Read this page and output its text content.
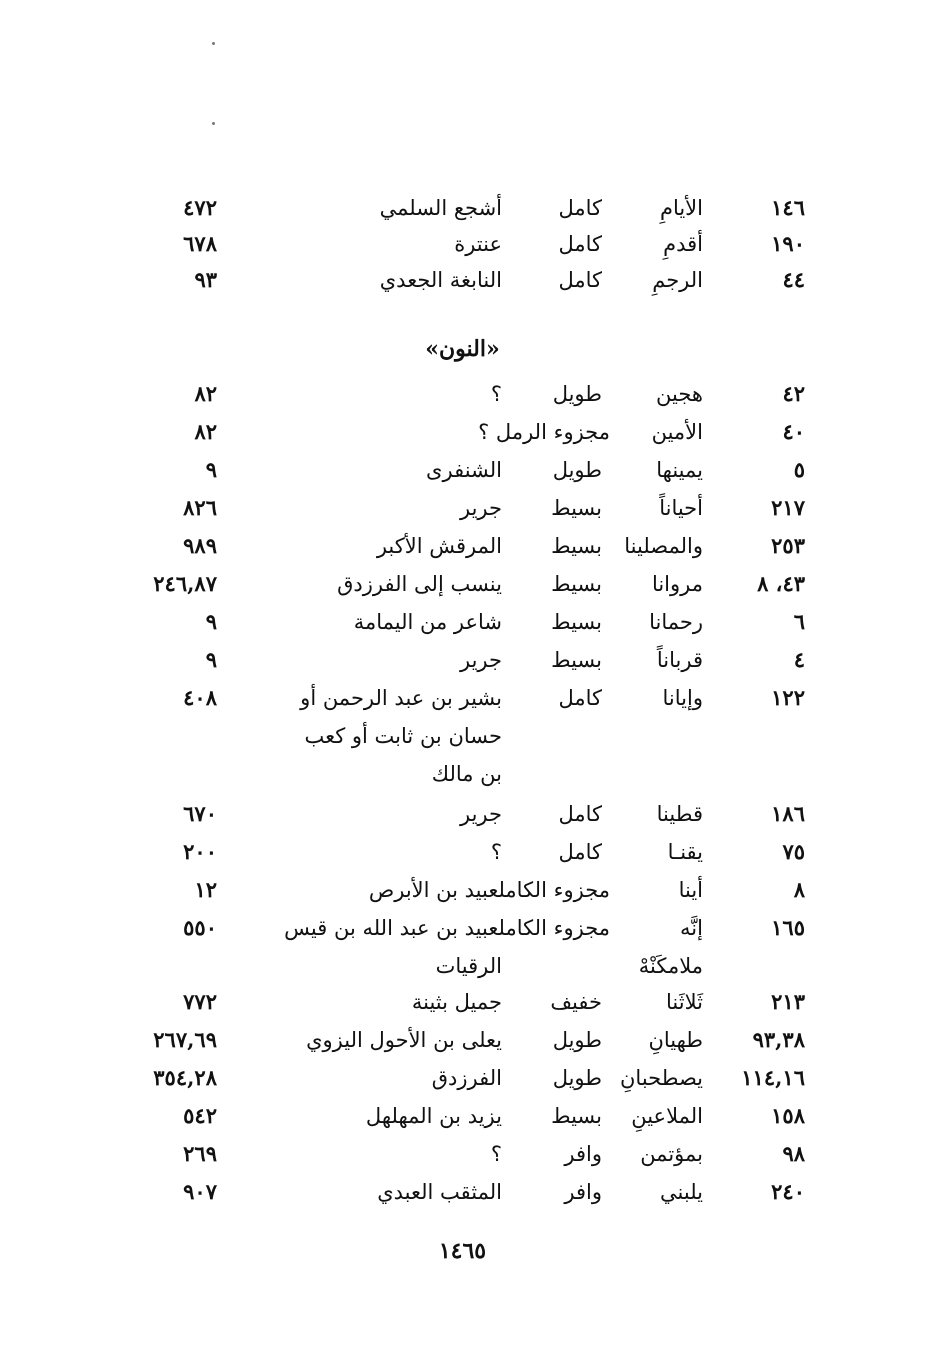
١٤٦
الأيامِ
كامل
أشجع السلمي
٤٧٢
١٩٠
أقدمِ
كامل
عنترة
٦٧٨
٤٤
الرجمِ
كامل
النابغة الجعدي
٩٣
«النون»
٤٢
هجين
طويل
؟
٨٢
٤٠
الأمين
مجزوء الرمل ؟
٨٢
٥
يمينها
طويل
الشنفرى
٩
٢١٧
أحياناً
بسيط
جرير
٨٢٦
٢٥٣
والمصلينا
بسيط
المرقش الأكبر
٩٨٩
٤٣، ٨
مروانا
بسيط
ينسب إلى الفرزدق
٢٤٦,٨٧
٦
رحمانا
بسيط
شاعر من اليمامة
٩
٤
قرباناً
بسيط
جرير
٩
١٢٢
وإيانا
كامل
بشير بن عبد الرحمن أو
٤٠٨
حسان بن ثابت أو كعب
بن مالك
١٨٦
قطينا
كامل
جرير
٦٧٠
٧٥
يقنـا
كامل
؟
٢٠٠
٨
أينا
مجزوء الكاملعبيد بن الأبرص
١٢
١٦٥
إنَّه
مجزوء الكاملعبيد بن عبد الله بن قيس
٥٥٠
ملامكَنْهْ
الرقيات
٢١٣
ثَلاثَنا
خفيف
جميل بثينة
٧٧٢
٩٣,٣٨
طهيانِ
طويل
يعلى بن الأحول اليزوي
٢٦٧,٦٩
١١٤,١٦
يصطحبانِ
طويل
الفرزدق
٣٥٤,٢٨
١٥٨
الملاعينِ
بسيط
يزيد بن المهلهل
٥٤٢
٩٨
بمؤتمن
وافر
؟
٢٦٩
٢٤٠
يلبني
وافر
المثقب العبدي
٩٠٧
١٤٦٥
